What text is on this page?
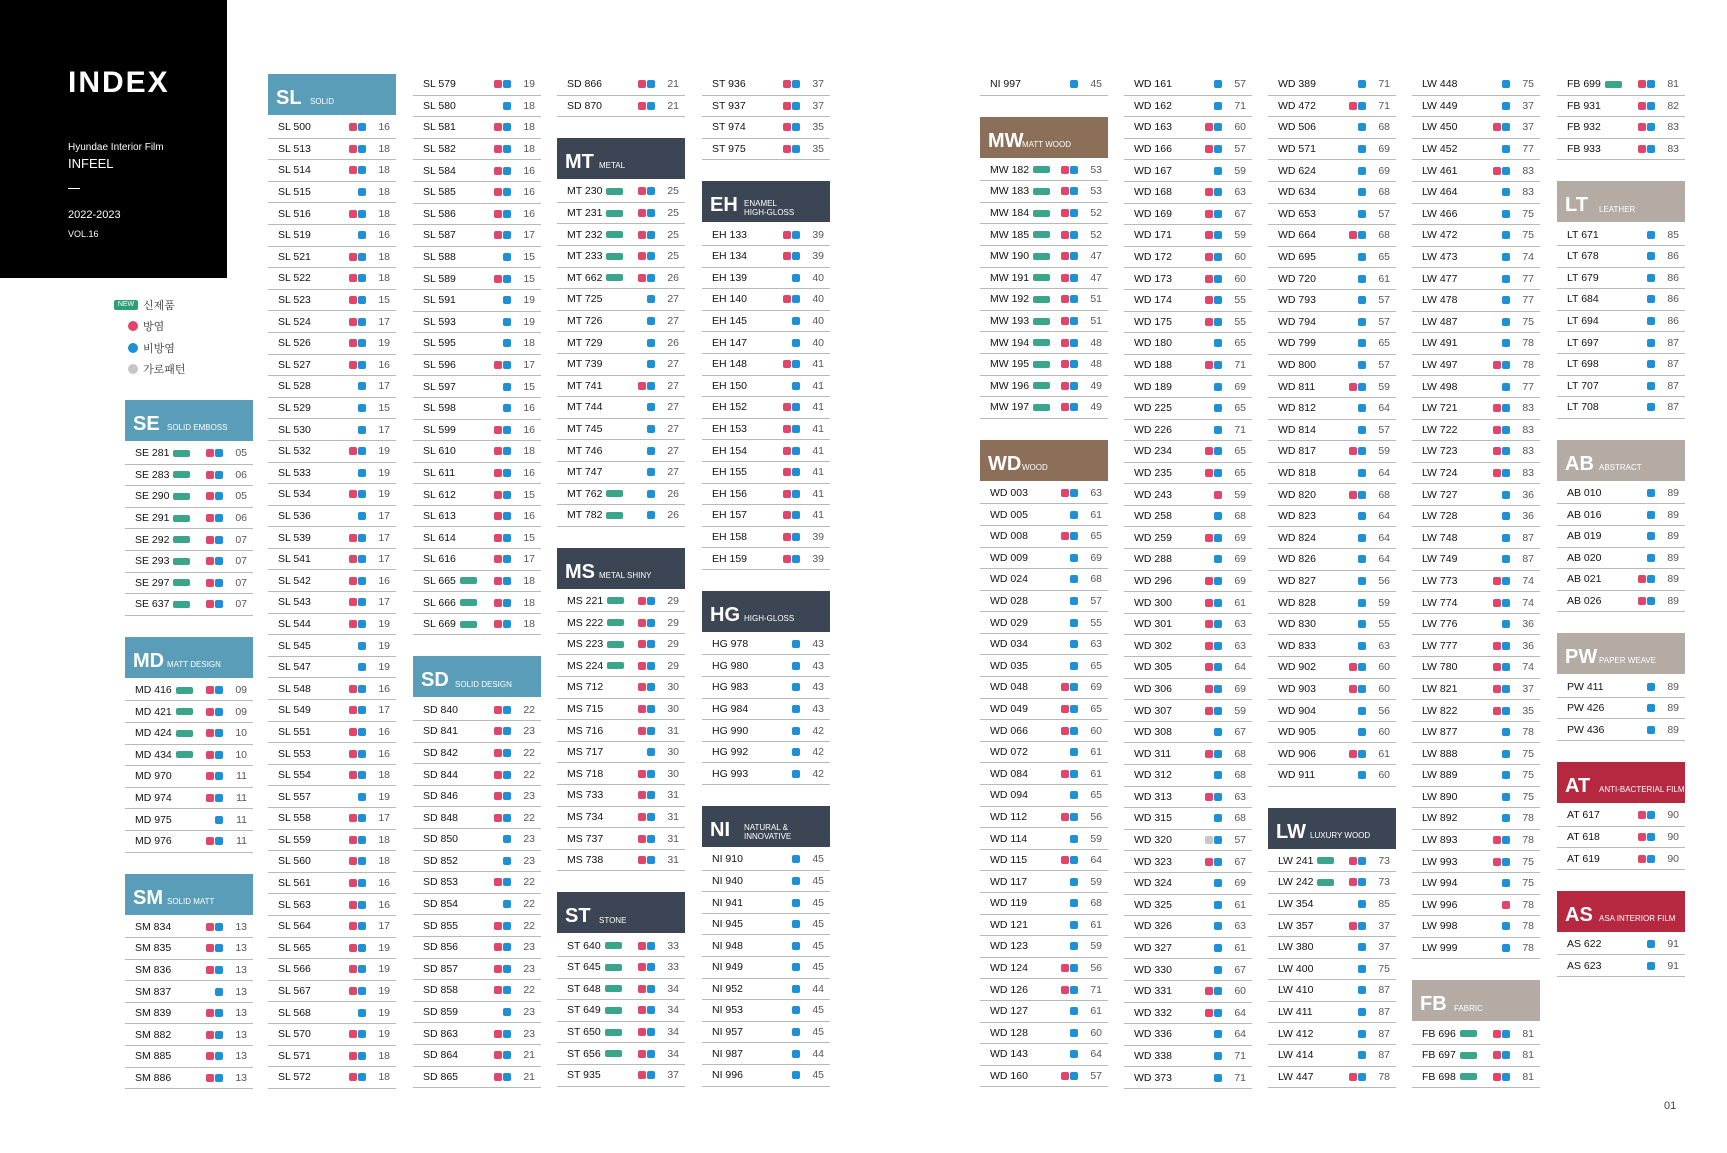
INDEX
Hyundae Interior Film
INFEEL
2022-2023
VOL.16
NEW 신제품
방염
비방염
가로패턴
SL SOLID
SL 500	16
SL 513	18
SL 514	18
SL 515	18
SL 516	18
SL 519	16
SL 521	18
SL 522	18
SL 523	15
SL 524	17
SL 526	19
SL 527	16
SL 528	17
SL 529	15
SL 530	17
SL 532	19
SL 533	19
SL 534	19
SL 536	17
SL 539	17
SL 541	17
SL 542	16
SL 543	17
SL 544	19
SL 545	19
SL 547	19
SL 548	16
SL 549	17
SL 551	16
SL 553	16
SL 554	18
SL 557	19
SL 558	17
SL 559	18
SL 560	18
SL 561	16
SL 563	16
SL 564	17
SL 565	19
SL 566	19
SL 567	19
SL 568	19
SL 570	19
SL 571	18
SL 572	18
SL 579	19
SL 580	18
SL 581	18
SL 582	18
SL 584	16
SL 585	16
SL 586	16
SL 587	17
SL 588	15
SL 589	15
SL 591	19
SL 593	19
SL 595	18
SL 596	17
SL 597	15
SL 598	16
SL 599	16
SL 610	18
SL 611	16
SL 612	15
SL 613	16
SL 614	15
SL 616	17
SL 665	18
SL 666	18
SL 669	18
SD SOLID DESIGN
SD 840	22
SD 841	23
SD 842	22
SD 844	22
SD 846	23
SD 848	22
SD 850	23
SD 852	23
SD 853	22
SD 854	22
SD 855	22
SD 856	23
SD 857	23
SD 858	22
SD 859	23
SD 863	23
SD 864	21
SD 865	21
SD 866	21
SD 870	21
MT METAL
MT 230	25
MT 231	25
MT 232	25
MT 233	25
MT 662	26
MT 725	27
MT 726	27
MT 729	26
MT 739	27
MT 741	27
MT 744	27
MT 745	27
MT 746	27
MT 747	27
MT 762	26
MT 782	26
MS METAL SHINY
MS 221	29
MS 222	29
MS 223	29
MS 224	29
MS 712	30
MS 715	30
MS 716	31
MS 717	30
MS 718	30
MS 733	31
MS 734	31
MS 737	31
MS 738	31
ST STONE
ST 640	33
ST 645	33
ST 648	34
ST 649	34
ST 650	34
ST 656	34
ST 935	37
ST 936	37
ST 937	37
ST 974	35
ST 975	35
EH ENAMEL
HIGH-GLOSS
EH 133	39
EH 134	39
EH 139	40
EH 140	40
EH 145	40
EH 147	40
EH 148	41
EH 150	41
EH 152	41
EH 153	41
EH 154	41
EH 155	41
EH 156	41
EH 157	41
EH 158	39
EH 159	39
HG HIGH-GLOSS
HG 978	43
HG 980	43
HG 983	43
HG 984	43
HG 990	42
HG 992	42
HG 993	42
NI NATURAL &
INNOVATIVE
NI 910	45
NI 940	45
NI 941	45
NI 945	45
NI 948	45
NI 949	45
NI 952	44
NI 953	45
NI 957	45
NI 987	44
NI 996	45
NI 997	45
MW
MATT WOOD
MW 182	53
MW 183	53
MW 184	52
MW 185	52
MW 190	47
MW 191	47
MW 192	51
MW 193	51
MW 194	48
MW 195	48
MW 196	49
MW 197	49
WD WOOD
WD 003	63
WD 005	61
WD 008	65
WD 009	69
WD 024	68
WD 028	57
WD 029	55
WD 034	63
WD 035	65
WD 048	69
WD 049	65
WD 066	60
WD 072	61
WD 084	61
WD 094	65
WD 112	56
WD 114	59
WD 115	64
WD 117	59
WD 119	68
WD 121	61
WD 123	59
WD 124	56
WD 126	71
WD 127	61
WD 128	60
WD 143	64
WD 160	57
WD 161	57
WD 162	71
WD 163	60
WD 166	57
WD 167	59
WD 168	63
WD 169	67
WD 171	59
WD 172	60
WD 173	60
WD 174	55
WD 175	55
WD 180	65
WD 188	71
WD 189	69
WD 225	65
WD 226	71
WD 234	65
WD 235	65
WD 243	59
WD 258	68
WD 259	69
WD 288	69
WD 296	69
WD 300	61
WD 301	63
WD 302	63
WD 305	64
WD 306	69
WD 307	59
WD 308	67
WD 311	68
WD 312	68
WD 313	63
WD 315	68
WD 320	57
WD 323	67
WD 324	69
WD 325	61
WD 326	63
WD 327	61
WD 330	67
WD 331	60
WD 332	64
WD 336	64
WD 338	71
WD 373	71
WD 389	71
WD 472	71
WD 506	68
WD 571	69
WD 624	69
WD 634	68
WD 653	57
WD 664	68
WD 695	65
WD 720	61
WD 793	57
WD 794	57
WD 799	65
WD 800	57
WD 811	59
WD 812	64
WD 814	57
WD 817	59
WD 818	64
WD 820	68
WD 823	64
WD 824	64
WD 826	64
WD 827	56
WD 828	59
WD 830	55
WD 833	63
WD 902	60
WD 903	60
WD 904	56
WD 905	60
WD 906	61
WD 911	60
LW LUXURY WOOD
LW 241	73
LW 242	73
LW 354	85
LW 357	37
LW 380	37
LW 400	75
LW 410	87
LW 411	87
LW 412	87
LW 414	87
LW 447	78
LW 448	75
LW 449	37
LW 450	37
LW 452	77
LW 461	83
LW 464	83
LW 466	75
LW 472	75
LW 473	74
LW 477	77
LW 478	77
LW 487	75
LW 491	78
LW 497	78
LW 498	77
LW 721	83
LW 722	83
LW 723	83
LW 724	83
LW 727	36
LW 728	36
LW 748	87
LW 749	87
LW 773	74
LW 774	74
LW 776	36
LW 777	36
LW 780	74
LW 821	37
LW 822	35
LW 877	78
LW 888	75
LW 889	75
LW 890	75
LW 892	78
LW 893	78
LW 993	75
LW 994	75
LW 996	78
LW 998	78
LW 999	78
FB FABRIC
FB 696	81
FB 697	81
FB 698	81
FB 699	81
FB 931	82
FB 932	83
FB 933	83
LT LEATHER
LT 671	85
LT 678	86
LT 679	86
LT 684	86
LT 694	86
LT 697	87
LT 698	87
LT 707	87
LT 708	87
AB ABSTRACT
AB 010	89
AB 016	89
AB 019	89
AB 020	89
AB 021	89
AB 026	89
PW PAPER WEAVE
PW 411	89
PW 426	89
PW 436	89
AT ANTI-BACTERIAL FILM
AT 617	90
AT 618	90
AT 619	90
AS ASA INTERIOR FILM
AS 622	91
AS 623	91
SE SOLID EMBOSS
SE 281	05
SE 283	06
SE 290	05
SE 291	06
SE 292	07
SE 293	07
SE 297	07
SE 637	07
MD MATT DESIGN
MD 416	09
MD 421	09
MD 424	10
MD 434	10
MD 970	11
MD 974	11
MD 975	11
MD 976	11
SM SOLID MATT
SM 834	13
SM 835	13
SM 836	13
SM 837	13
SM 839	13
SM 882	13
SM 885	13
SM 886	13
01
